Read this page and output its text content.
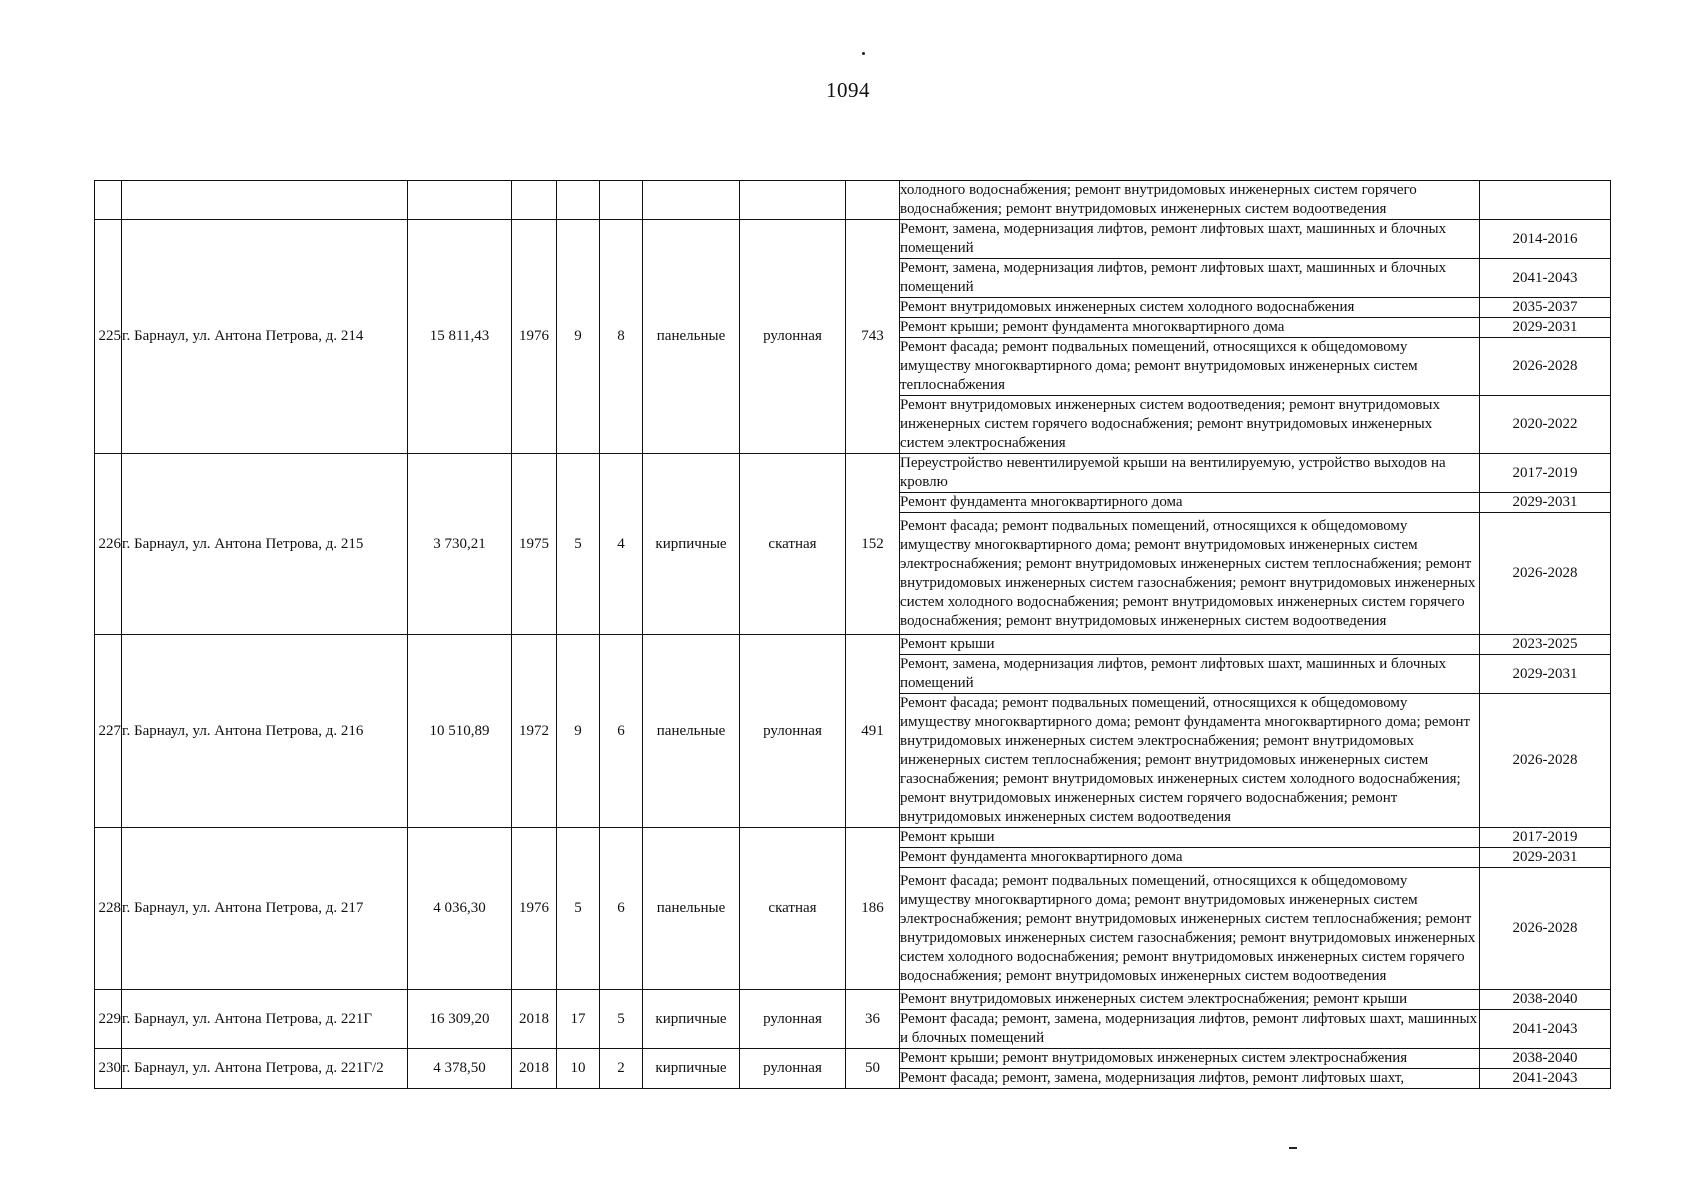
1094
									холодного водоснабжения; ремонт внутридомовых инженерных систем горячего водоснабжения; ремонт внутридомовых инженерных систем водоотведения	
225	г. Барнаул, ул. Антона Петрова, д. 214	15 811,43	1976	9	8	панельные	рулонная	743	Ремонт, замена, модернизация лифтов, ремонт лифтовых шахт, машинных и блочных помещений	2014-2016
									Ремонт, замена, модернизация лифтов, ремонт лифтовых шахт, машинных и блочных помещений	2041-2043
									Ремонт внутридомовых инженерных систем холодного водоснабжения	2035-2037
									Ремонт крыши; ремонт фундамента многоквартирного дома	2029-2031
									Ремонт фасада; ремонт подвальных помещений, относящихся к общедомовому имуществу многоквартирного дома; ремонт внутридомовых инженерных систем теплоснабжения	2026-2028
									Ремонт внутридомовых инженерных систем водоотведения; ремонт внутридомовых инженерных систем горячего водоснабжения; ремонт внутридомовых инженерных систем электроснабжения	2020-2022
226	г. Барнаул, ул. Антона Петрова, д. 215	3 730,21	1975	5	4	кирпичные	скатная	152	Переустройство невентилируемой крыши на вентилируемую, устройство выходов на кровлю	2017-2019
									Ремонт фундамента многоквартирного дома	2029-2031
									Ремонт фасада; ремонт подвальных помещений, относящихся к общедомовому имуществу многоквартирного дома; ремонт внутридомовых инженерных систем электроснабжения; ремонт внутридомовых инженерных систем теплоснабжения; ремонт внутридомовых инженерных систем газоснабжения; ремонт внутридомовых инженерных систем холодного водоснабжения; ремонт внутридомовых инженерных систем горячего водоснабжения; ремонт внутридомовых инженерных систем водоотведения	2026-2028
227	г. Барнаул, ул. Антона Петрова, д. 216	10 510,89	1972	9	6	панельные	рулонная	491	Ремонт крыши	2023-2025
									Ремонт, замена, модернизация лифтов, ремонт лифтовых шахт, машинных и блочных помещений	2029-2031
									Ремонт фасада; ремонт подвальных помещений, относящихся к общедомовому имуществу многоквартирного дома; ремонт фундамента многоквартирного дома; ремонт внутридомовых инженерных систем электроснабжения; ремонт внутридомовых инженерных систем теплоснабжения; ремонт внутридомовых инженерных систем газоснабжения; ремонт внутридомовых инженерных систем холодного водоснабжения; ремонт внутридомовых инженерных систем горячего водоснабжения; ремонт внутридомовых инженерных систем водоотведения	2026-2028
228	г. Барнаул, ул. Антона Петрова, д. 217	4 036,30	1976	5	6	панельные	скатная	186	Ремонт крыши	2017-2019
									Ремонт фундамента многоквартирного дома	2029-2031
									Ремонт фасада; ремонт подвальных помещений, относящихся к общедомовому имуществу многоквартирного дома; ремонт внутридомовых инженерных систем электроснабжения; ремонт внутридомовых инженерных систем теплоснабжения; ремонт внутридомовых инженерных систем газоснабжения; ремонт внутридомовых инженерных систем холодного водоснабжения; ремонт внутридомовых инженерных систем горячего водоснабжения; ремонт внутридомовых инженерных систем водоотведения	2026-2028
229	г. Барнаул, ул. Антона Петрова, д. 221Г	16 309,20	2018	17	5	кирпичные	рулонная	36	Ремонт внутридомовых инженерных систем электроснабжения; ремонт крыши	2038-2040
									Ремонт фасада; ремонт, замена, модернизация лифтов, ремонт лифтовых шахт, машинных и блочных помещений	2041-2043
230	г. Барнаул, ул. Антона Петрова, д. 221Г/2	4 378,50	2018	10	2	кирпичные	рулонная	50	Ремонт крыши; ремонт внутридомовых инженерных систем электроснабжения	2038-2040
									Ремонт фасада; ремонт, замена, модернизация лифтов, ремонт лифтовых шахт,	2041-2043
